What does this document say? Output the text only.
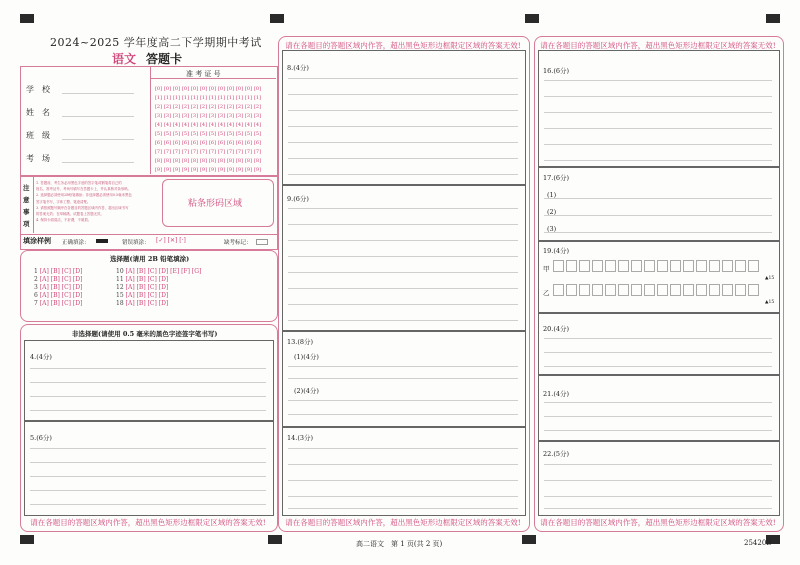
2024~2025 学年度高二下学期期中考试
语文 答题卡
准 考 证 号
学　校
姓　名
班　级
考　场
[0] [0] [0] [0] [0] [0] [0] [0] [0] [0] [0] [0]
[1] [1] [1] [1] [1] [1] [1] [1] [1] [1] [1] [1]
[2] [2] [2] [2] [2] [2] [2] [2] [2] [2] [2] [2]
[3] [3] [3] [3] [3] [3] [3] [3] [3] [3] [3] [3]
[4] [4] [4] [4] [4] [4] [4] [4] [4] [4] [4] [4]
[5] [5] [5] [5] [5] [5] [5] [5] [5] [5] [5] [5]
[6] [6] [6] [6] [6] [6] [6] [6] [6] [6] [6] [6]
[7] [7] [7] [7] [7] [7] [7] [7] [7] [7] [7] [7]
[8] [8] [8] [8] [8] [8] [8] [8] [8] [8] [8] [8]
[9] [9] [9] [9] [9] [9] [9] [9] [9] [9] [9] [9]
注意事项
1. 答题前，考生务必用黑色字迹的签字笔或钢笔将自己的
姓名、准考证号、考场号填写在答题卡上，并认真核对条形码。
2. 选择题必须使用2B铅笔填涂；非选择题必须使用0.5毫米黑色
签字笔书写，字体工整、笔迹清楚。
3. 请按照题号顺序在各题目的答题区域内作答，超出区域书写
的答案无效；在草稿纸、试题卷上答题无效。
4. 保持卡面清洁，不折叠，不破损。
粘条形码区域
填涂样例 正确填涂：	错误填涂： [✓] [✕] [·]	缺考标记：
选择题(请用 2B 铅笔填涂)
1 [A] [B] [C] [D]
2 [A] [B] [C] [D]
3 [A] [B] [C] [D]
6 [A] [B] [C] [D]
7 [A] [B] [C] [D]
10 [A] [B] [C] [D] [E] [F] [G]
11 [A] [B] [C] [D]
12 [A] [B] [C] [D]
15 [A] [B] [C] [D]
18 [A] [B] [C] [D]
非选择题(请使用 0.5 毫米的黑色字迹签字笔书写)
4.(4分)
5.(6分)
请在各题目的答题区域内作答，超出黑色矩形边框限定区域的答案无效!
请在各题目的答题区域内作答，超出黑色矩形边框限定区域的答案无效!
8.(4分)
9.(6分)
13.(8分)
(1)(4分)
(2)(4分)
14.(3分)
请在各题目的答题区域内作答，超出黑色矩形边框限定区域的答案无效!
请在各题目的答题区域内作答，超出黑色矩形边框限定区域的答案无效!
16.(6分)
17.(6分)
(1)
(2)
(3)
19.(4分)
甲
乙
▲15
▲15
20.(4分)
21.(4分)
22.(5分)
请在各题目的答题区域内作答，超出黑色矩形边框限定区域的答案无效!
高二语文　第 1 页(共 2 页)	25420B
